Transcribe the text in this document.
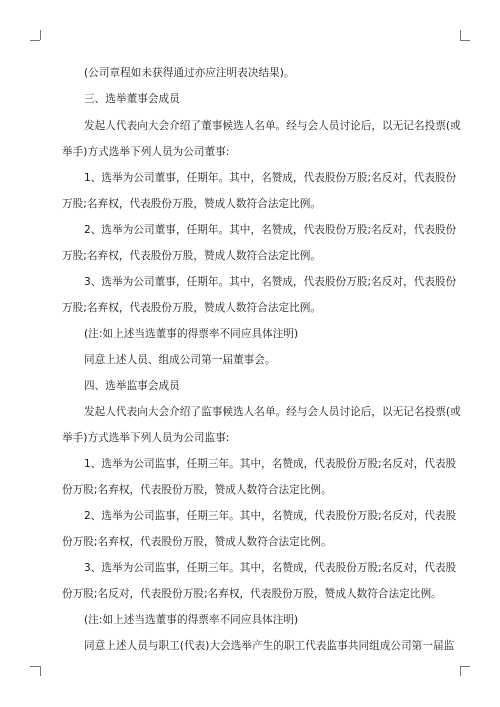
(公司章程如未获得通过亦应注明表决结果)。
三、选举董事会成员
发起人代表向大会介绍了董事候选人名单。经与会人员讨论后，以无记名投票(或
举手)方式选举下列人员为公司董事:
1、选举为公司董事，任期年。其中，名赞成，代表股份万股;名反对，代表股份
万股;名弃权，代表股份万股，赞成人数符合法定比例。
2、选举为公司董事，任期年。其中，名赞成，代表股份万股;名反对，代表股份
万股;名弃权，代表股份万股，赞成人数符合法定比例。
3、选举为公司董事，任期年。其中，名赞成，代表股份万股;名反对，代表股份
万股;名弃权，代表股份万股，赞成人数符合法定比例。
(注:如上述当选董事的得票率不同应具体注明)
同意上述人员、组成公司第一届董事会。
四、选举监事会成员
发起人代表向大会介绍了监事候选人名单。经与会人员讨论后，以无记名投票(或
举手)方式选举下列人员为公司监事:
1、选举为公司监事，任期三年。其中，名赞成，代表股份万股;名反对，代表股
份万股;名弃权，代表股份万股，赞成人数符合法定比例。
2、选举为公司监事，任期三年。其中，名赞成，代表股份万股;名反对，代表股
份万股;名弃权，代表股份万股，赞成人数符合法定比例。
3、选举为公司监事，任期三年。其中，名赞成，代表股份万股;名反对，代表股
份万股;名反对，代表股份万股;名弃权，代表股份万股，赞成人数符合法定比例。
(注:如上述当选董事的得票率不同应具体注明)
同意上述人员与职工(代表)大会选举产生的职工代表监事共同组成公司第一届监
